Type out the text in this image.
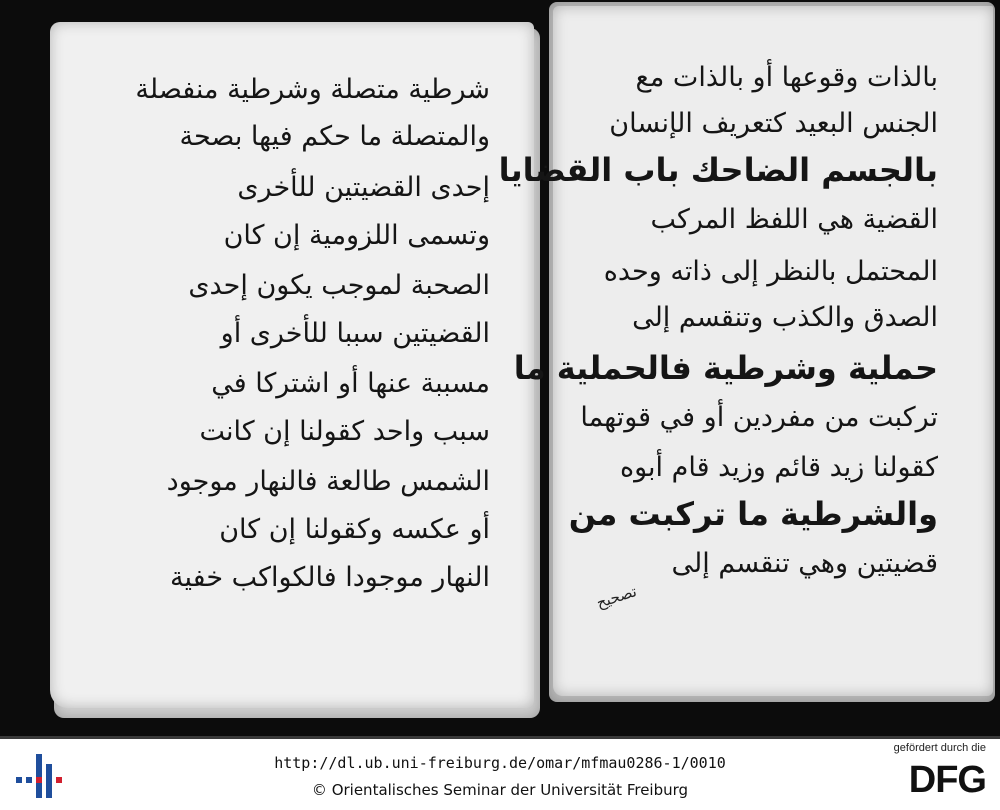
شرطية متصلة وشرطية منفصلة
والمتصلة ما حكم فيها بصحة
إحدى القضيتين للأخرى
وتسمى اللزومية إن كان
الصحبة لموجب يكون إحدى
القضيتين سببا للأخرى أو
مسببة عنها أو اشتركا في
سبب واحد كقولنا إن كانت
الشمس طالعة فالنهار موجود
أو عكسه وكقولنا إن كان
النهار موجودا فالكواكب خفية
بالذات وقوعها أو بالذات مع
الجنس البعيد كتعريف الإنسان
بالجسم الضاحك باب القضايا
القضية هي اللفظ المركب
المحتمل بالنظر إلى ذاته وحده
الصدق والكذب وتنقسم إلى
حملية وشرطية فالحملية ما
تركبت من مفردين أو في قوتهما
كقولنا زيد قائم وزيد قام أبوه
والشرطية ما تركبت من
قضيتين وهي تنقسم إلى
تصحيح
http://dl.ub.uni-freiburg.de/omar/mfmau0286-1/0010
© Orientalisches Seminar der Universität Freiburg
gefördert durch die
DFG
